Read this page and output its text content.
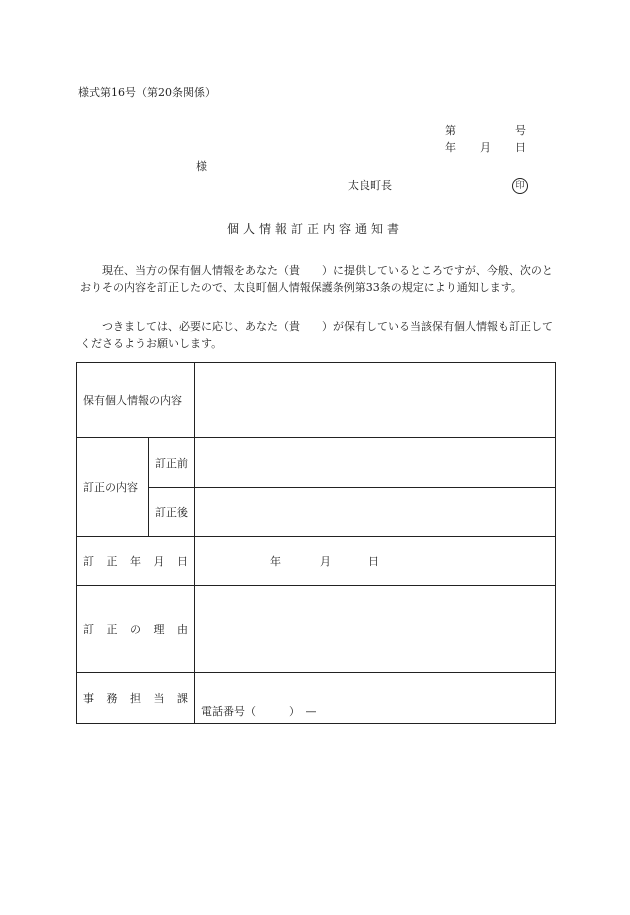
様式第16号（第20条関係）
第	号
年 月 日
様
太良町長	印
個人情報訂正内容通知書
現在、当方の保有個人情報をあなた（貴　　）に提供しているところですが、今般、次のとおりその内容を訂正したので、太良町個人情報保護条例第33条の規定により通知します。
つきましては、必要に応じ、あなた（貴　　）が保有している当該保有個人情報も訂正してくださるようお願いします。
保有個人情報の内容		
訂正の内容	訂正前	
	訂正後	

訂 正 年 月 日		年 月 日

訂 正 の 理 由		

事 務 担 当 課		電話番号（　　　）　—
